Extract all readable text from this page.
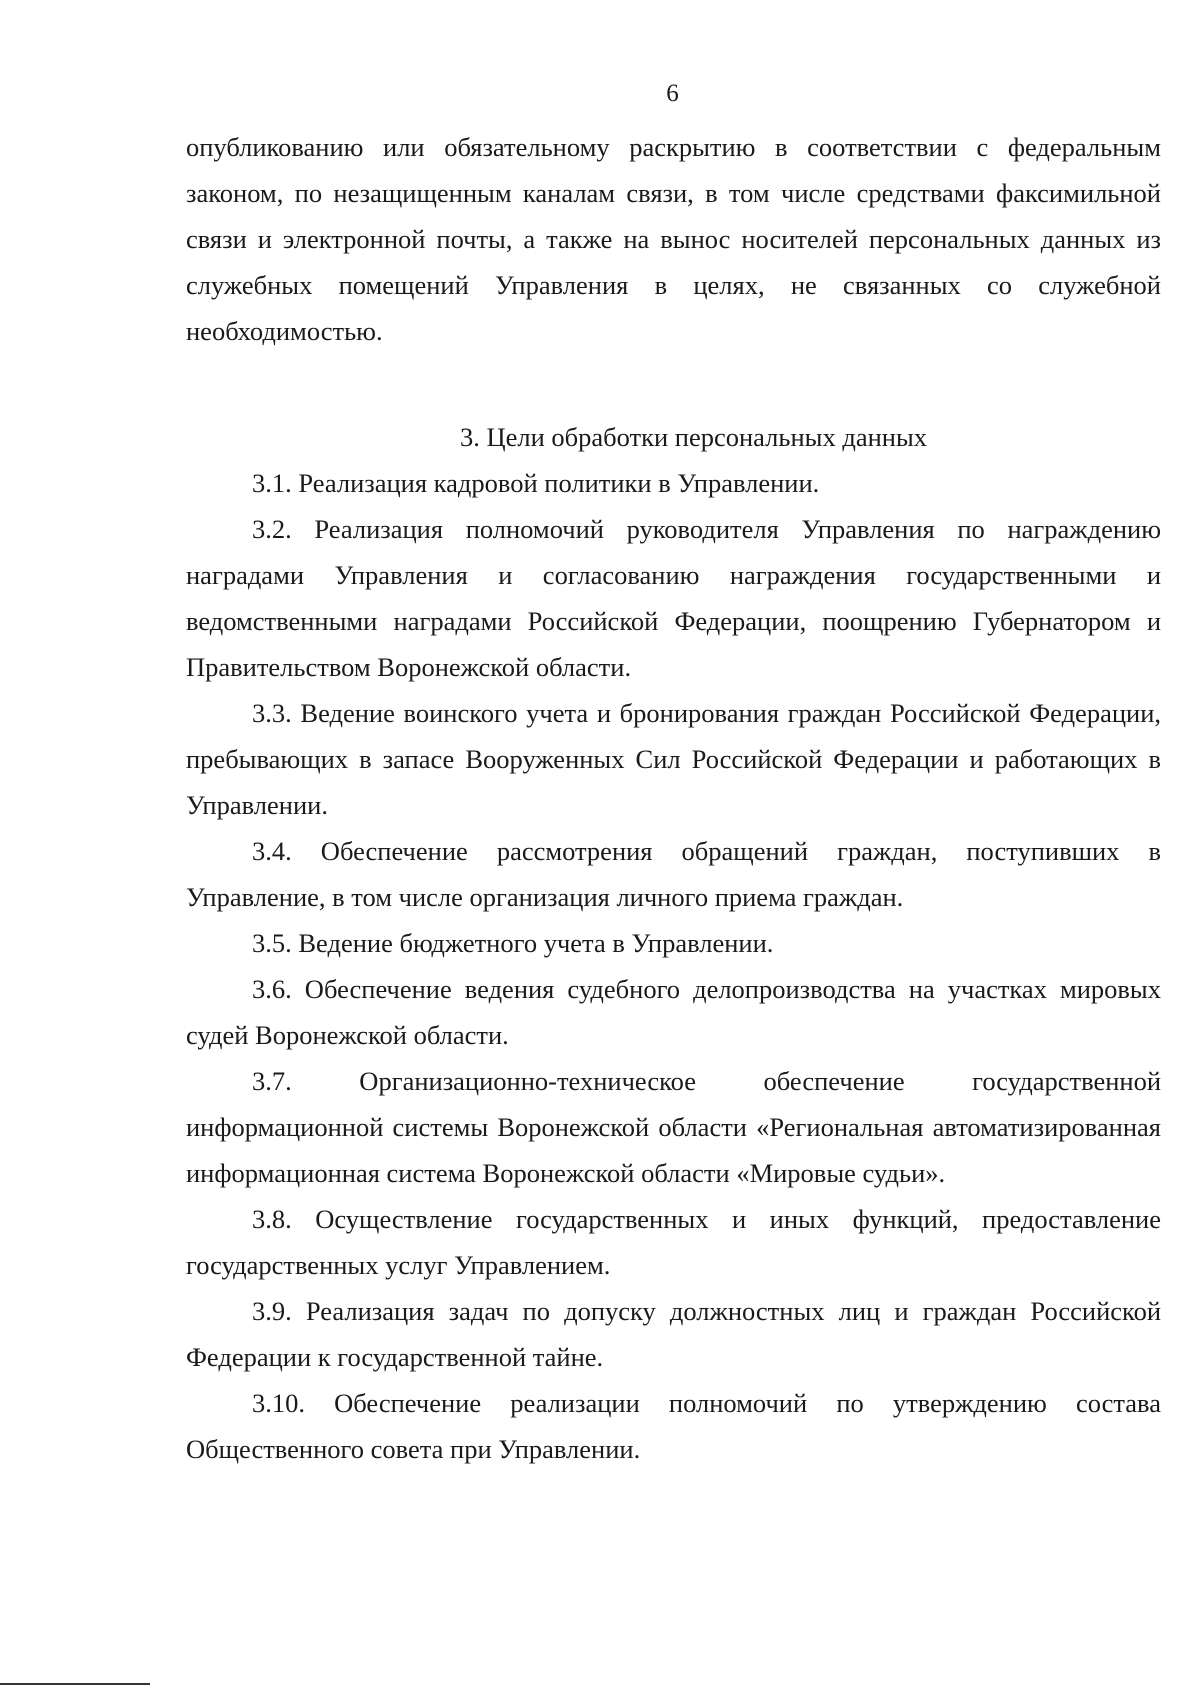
6

опубликованию или обязательному раскрытию в соответствии с федеральным законом, по незащищенным каналам связи, в том числе средствами факсимильной связи и электронной почты, а также на вынос носителей персональных данных из служебных помещений Управления в целях, не связанных со служебной необходимостью.

3. Цели обработки персональных данных

3.1. Реализация кадровой политики в Управлении.

3.2. Реализация полномочий руководителя Управления по награждению наградами Управления и согласованию награждения государственными и ведомственными наградами Российской Федерации, поощрению Губернатором и Правительством Воронежской области.

3.3. Ведение воинского учета и бронирования граждан Российской Федерации, пребывающих в запасе Вооруженных Сил Российской Федерации и работающих в Управлении.

3.4. Обеспечение рассмотрения обращений граждан, поступивших в Управление, в том числе организация личного приема граждан.

3.5. Ведение бюджетного учета в Управлении.

3.6. Обеспечение ведения судебного делопроизводства на участках мировых судей Воронежской области.

3.7. Организационно-техническое обеспечение государственной информационной системы Воронежской области «Региональная автоматизированная информационная система Воронежской области «Мировые судьи».

3.8. Осуществление государственных и иных функций, предоставление государственных услуг Управлением.

3.9. Реализация задач по допуску должностных лиц и граждан Российской Федерации к государственной тайне.

3.10. Обеспечение реализации полномочий по утверждению состава Общественного совета при Управлении.
